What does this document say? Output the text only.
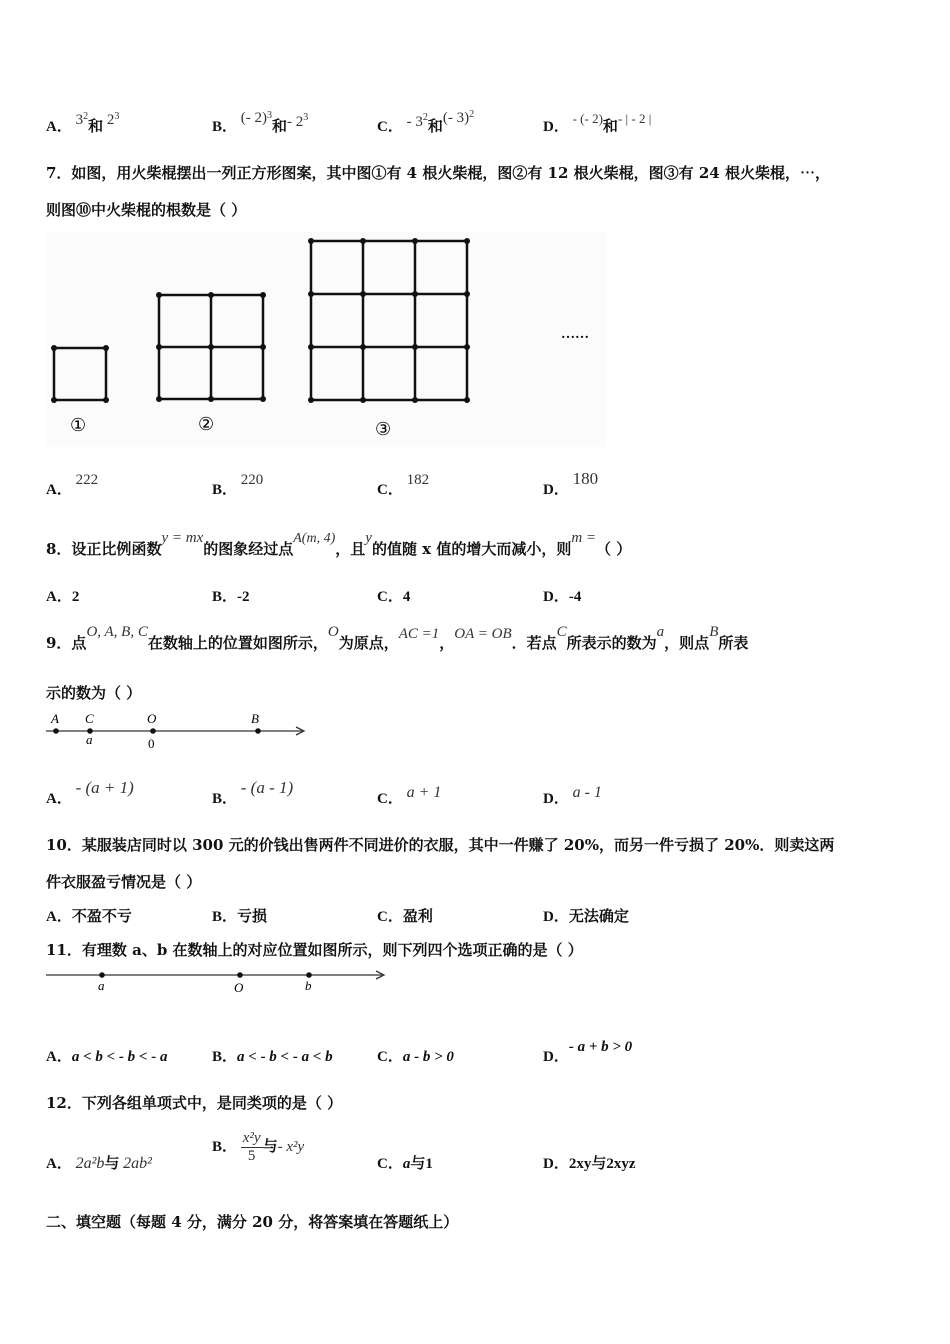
A． $3^2$和 $2^3$
B． (- 2)$^3$和- $2^3$
C． - $3^2$和(- 3)$^2$
D． - (- 2)和- | - 2 |
7．如图，用火柴棍摆出一列正方形图案，其中图①有 4 根火柴棍，图②有 12 根火柴棍，图③有 24 根火柴棍，⋯，
则图⑩中火柴棍的根数是（ ）
……
①	②	③
A． 222
B． 220
C． 182
D． 180
8．设正比例函数y = mx的图象经过点A(m, 4)，且y的值随 x 值的增大而减小，则m =（ ）
A．2	B．-2	C．4	D．-4
9．点O, A, B, C在数轴上的位置如图所示，O为原点，AC =1，OA = OB．若点C所表示的数为a，则点B所表
示的数为（ ）
A C	O	B
a	0
A． - (a + 1)
B． - (a - 1)
C． a + 1	D． a - 1
10．某服装店同时以 300 元的价钱出售两件不同进价的衣服，其中一件赚了 20%，而另一件亏损了 20%．则卖这两
件衣服盈亏情况是（ ）
A．不盈不亏	B．亏损	C．盈利	D．无法确定
11．有理数 a、b 在数轴上的对应位置如图所示，则下列四个选项正确的是（ ）
a	O	b
A．a < b < - b < - a	B．a < - b < - a < b	C．a - b > 0	D．- a + b > 0
12．下列各组单项式中，是同类项的是（ ）
A． 2a²b与 2ab²
B． $\frac{\text{x²y}}{5}$ 与- x²y
C．a与1	D．2xy与2xyz
二、填空题（每题 4 分，满分 20 分，将答案填在答题纸上）
